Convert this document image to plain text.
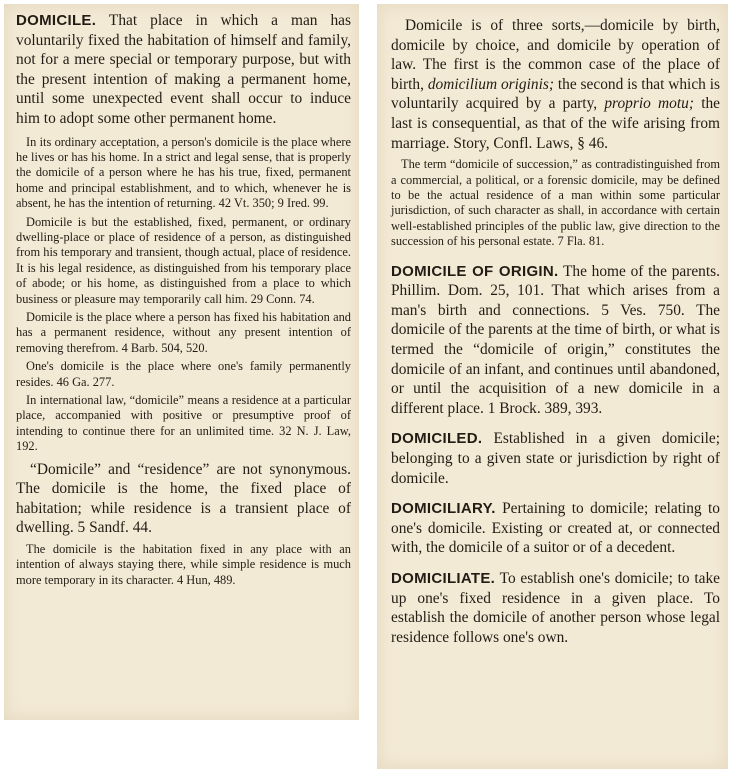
DOMICILE. That place in which a man has voluntarily fixed the habitation of himself and family, not for a mere special or temporary purpose, but with the present intention of making a permanent home, until some unexpected event shall occur to induce him to adopt some other permanent home.

In its ordinary acceptation, a person's domicile is the place where he lives or has his home. In a strict and legal sense, that is properly the domicile of a person where he has his true, fixed, permanent home and principal establishment, and to which, whenever he is absent, he has the intention of returning. 42 Vt. 350; 9 Ired. 99.

Domicile is but the established, fixed, permanent, or ordinary dwelling-place or place of residence of a person, as distinguished from his temporary and transient, though actual, place of residence. It is his legal residence, as distinguished from his temporary place of abode; or his home, as distinguished from a place to which business or pleasure may temporarily call him. 29 Conn. 74.

Domicile is the place where a person has fixed his habitation and has a permanent residence, without any present intention of removing therefrom. 4 Barb. 504, 520.

One's domicile is the place where one's family permanently resides. 46 Ga. 277.

In international law, “domicile” means a residence at a particular place, accompanied with positive or presumptive proof of intending to continue there for an unlimited time. 32 N. J. Law, 192.

“Domicile” and “residence” are not synonymous. The domicile is the home, the fixed place of habitation; while residence is a transient place of dwelling. 5 Sandf. 44.

The domicile is the habitation fixed in any place with an intention of always staying there, while simple residence is much more temporary in its character. 4 Hun, 489.

Domicile is of three sorts,—domicile by birth, domicile by choice, and domicile by operation of law. The first is the common case of the place of birth, domicilium originis; the second is that which is voluntarily acquired by a party, proprio motu; the last is consequential, as that of the wife arising from marriage. Story, Confl. Laws, § 46.

The term “domicile of succession,” as contradistinguished from a commercial, a political, or a forensic domicile, may be defined to be the actual residence of a man within some particular jurisdiction, of such character as shall, in accordance with certain well-established principles of the public law, give direction to the succession of his personal estate. 7 Fla. 81.

DOMICILE OF ORIGIN. The home of the parents. Phillim. Dom. 25, 101. That which arises from a man's birth and connections. 5 Ves. 750. The domicile of the parents at the time of birth, or what is termed the “domicile of origin,” constitutes the domicile of an infant, and continues until abandoned, or until the acquisition of a new domicile in a different place. 1 Brock. 389, 393.

DOMICILED. Established in a given domicile; belonging to a given state or jurisdiction by right of domicile.

DOMICILIARY. Pertaining to domicile; relating to one's domicile. Existing or created at, or connected with, the domicile of a suitor or of a decedent.

DOMICILIATE. To establish one's domicile; to take up one's fixed residence in a given place. To establish the domicile of another person whose legal residence follows one's own.
